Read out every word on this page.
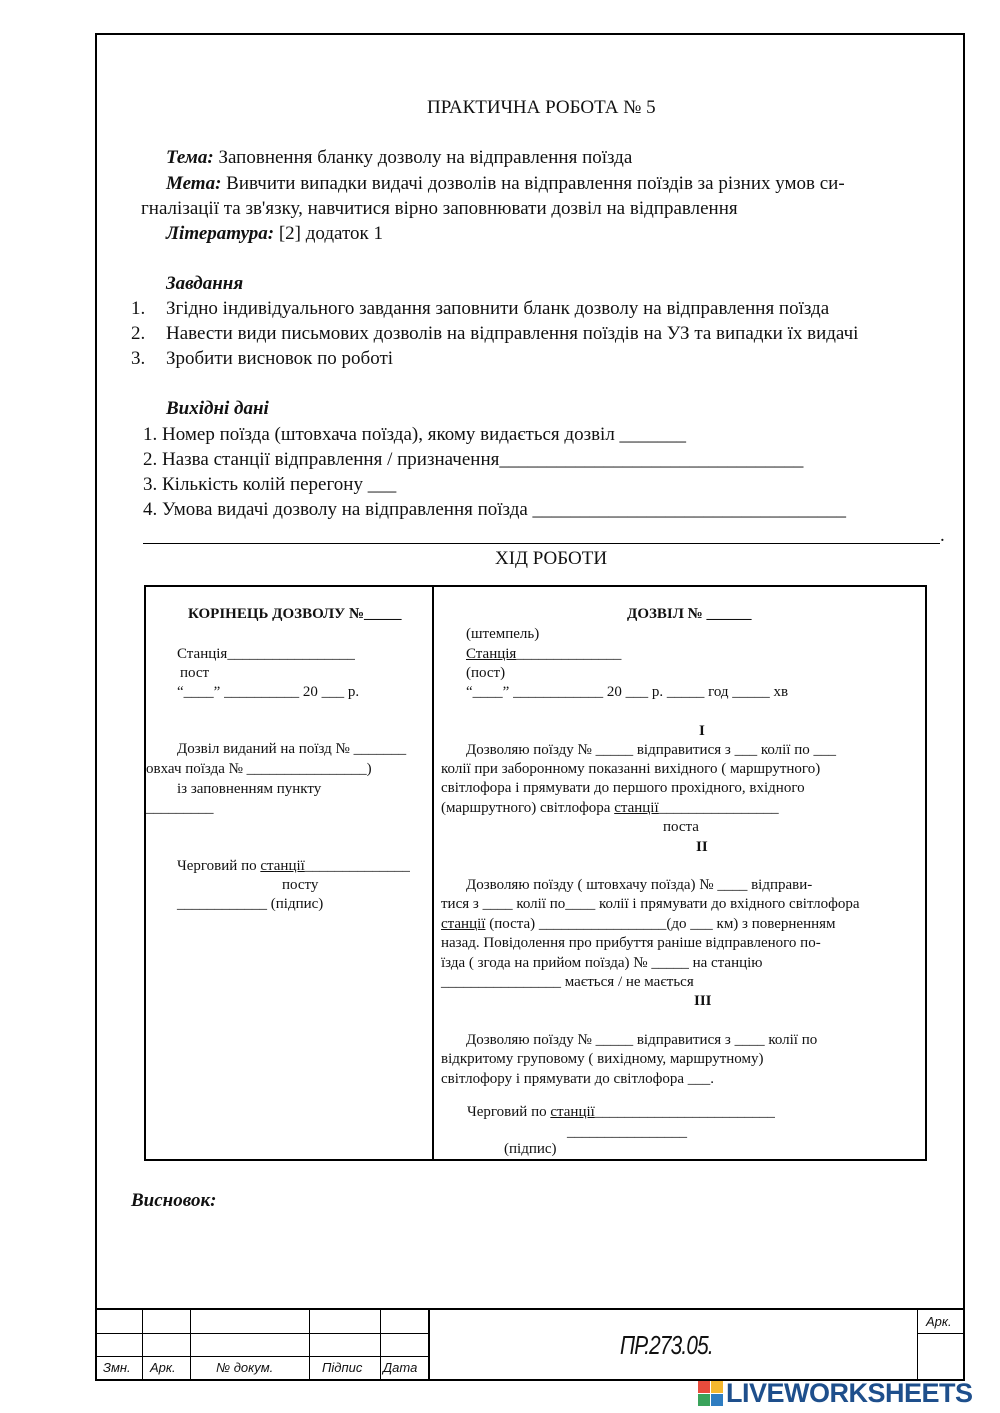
ПРАКТИЧНА РОБОТА № 5
Тема: Заповнення бланку дозволу на відправлення поїзда
Мета: Вивчити випадки видачі дозволів на відправлення поїздів за різних умов си-
гналізації та зв'язку, навчитися вірно заповнювати дозвіл на відправлення
Література: [2] додаток 1
Завдання
1. Згідно індивідуального завдання заповнити бланк дозволу на відправлення поїзда
2. Навести види письмових дозволів на відправлення поїздів на УЗ та випадки їх видачі
3. Зробити висновок по роботі
Вихідні дані
1. Номер поїзда (штовхача поїзда), якому видається дозвіл _______
2. Назва станції відправлення / призначення________________________________
3. Кількість колій перегону ___
4. Умова видачі дозволу на відправлення поїзда _________________________________
.
ХІД РОБОТИ
КОРІНЕЦЬ ДОЗВОЛУ №_____
Станція_________________
пост
“____” __________ 20 ___ р.
Дозвіл виданий на поїзд № _______
овхач поїзда № ________________)
із заповненням пункту
_________
Черговий по станції______________
посту
____________ (підпис)
ДОЗВІЛ № ______
(штемпель)
Станція______________
(пост)
“____” ____________ 20 ___ р. _____ год _____ хв
I
Дозволяю поїзду № _____ відправитися з ___ колії по ___
колії при заборонному показанні вихідного ( маршрутного)
світлофора і прямувати до першого прохідного, вхідного
(маршрутного) світлофора станції________________
поста
II
Дозволяю поїзду ( штовхачу поїзда) № ____ відправи-
тися з ____ колії по____ колії і прямувати до вхідного світлофора
станції (поста) _________________(до ___ км) з поверненням
назад. Повідолення про прибуття раніше відправленого по-
їзда ( згода на прийом поїзда) № _____ на станцію
________________ мається / не мається
III
Дозволяю поїзду № _____ відправитися з ____ колії по
відкритому груповому ( вихідному, маршрутному)
світлофору і прямувати до світлофора ___.
Черговий по станції________________________
________________
(підпис)
Висновок:
Змн. Арк.	№ докум.	Підпис Дата
Арк.
ПР.273.05.
LIVEWORKSHEETS
